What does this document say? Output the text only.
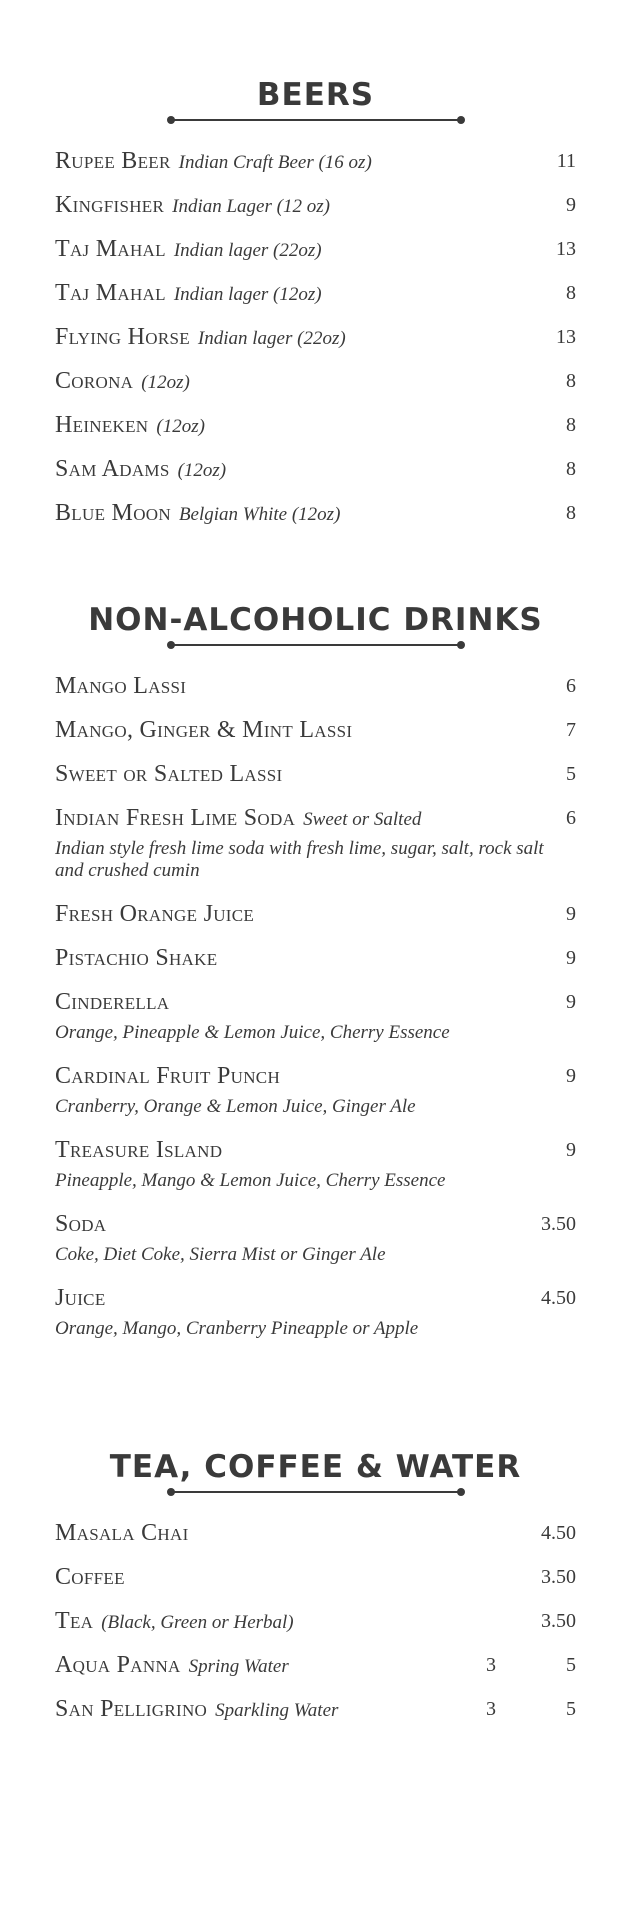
BEERS
Rupee Beer Indian Craft Beer (16 oz)	11
Kingfisher Indian Lager (12 oz)	9
Taj Mahal Indian lager (22oz)	13
Taj Mahal Indian lager (12oz)	8
Flying Horse Indian lager (22oz)	13
Corona (12oz)	8
Heineken (12oz)	8
Sam Adams (12oz)	8
Blue Moon Belgian White (12oz)	8
NON-ALCOHOLIC DRINKS
Mango Lassi	6
Mango, Ginger & Mint Lassi	7
Sweet or Salted Lassi	5
Indian Fresh Lime Soda Sweet or Salted	6
Indian style fresh lime soda with fresh lime, sugar, salt, rock salt and crushed cumin
Fresh Orange Juice	9
Pistachio Shake	9
Cinderella	9
Orange, Pineapple & Lemon Juice, Cherry Essence
Cardinal Fruit Punch	9
Cranberry, Orange & Lemon Juice, Ginger Ale
Treasure Island	9
Pineapple, Mango & Lemon Juice, Cherry Essence
Soda	3.50
Coke, Diet Coke, Sierra Mist or Ginger Ale
Juice	4.50
Orange, Mango, Cranberry Pineapple or Apple
TEA, COFFEE & WATER
Masala Chai	4.50
Coffee	3.50
Tea (Black, Green or Herbal)	3.50
Aqua Panna Spring Water	3	5
San Pelligrino Sparkling Water	3	5
